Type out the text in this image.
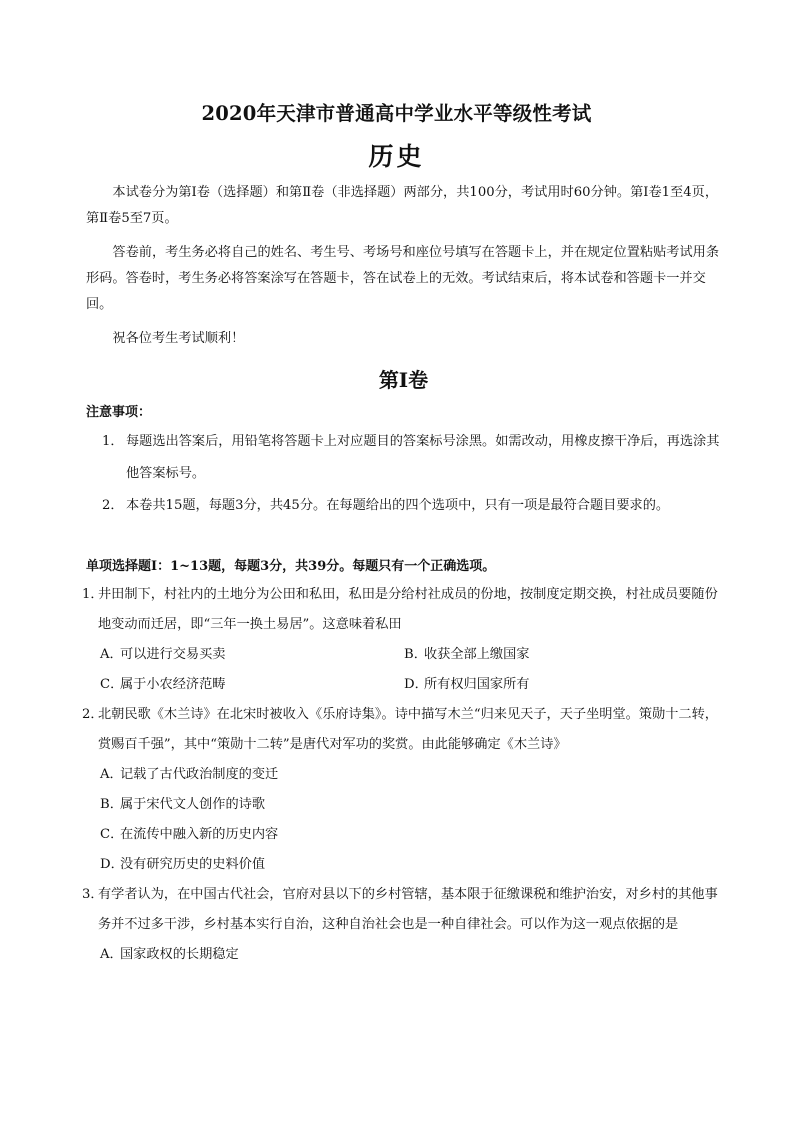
2020年天津市普通高中学业水平等级性考试
历史

本试卷分为第Ⅰ卷（选择题）和第Ⅱ卷（非选择题）两部分，共100分，考试用时60分钟。第Ⅰ卷1至4页，第Ⅱ卷5至7页。

答卷前，考生务必将自己的姓名、考生号、考场号和座位号填写在答题卡上，并在规定位置粘贴考试用条形码。答卷时，考生务必将答案涂写在答题卡，答在试卷上的无效。考试结束后，将本试卷和答题卡一并交回。

祝各位考生考试顺利！

第Ⅰ卷
注意事项：
1． 每题选出答案后，用铅笔将答题卡上对应题目的答案标号涂黑。如需改动，用橡皮擦干净后，再选涂其他答案标号。
2． 本卷共15题，每题3分，共45分。在每题给出的四个选项中，只有一项是最符合题目要求的。
单项选择题Ⅰ：1~13题，每题3分，共39分。每题只有一个正确选项。
1．
井田制下，村社内的土地分为公田和私田，私田是分给村社成员的份地，按制度定期交换，村社成员要随份地变动而迁居，即“三年一换土易居”。这意味着私田
A．可以进行交易买卖	B．收获全部上缴国家
C．属于小农经济范畴	D．所有权归国家所有
2．
北朝民歌《木兰诗》在北宋时被收入《乐府诗集》。诗中描写木兰“归来见天子，天子坐明堂。策勋十二转，赏赐百千强”，其中“策勋十二转”是唐代对军功的奖赏。由此能够确定《木兰诗》
A．记载了古代政治制度的变迁
B．属于宋代文人创作的诗歌
C．在流传中融入新的历史内容
D．没有研究历史的史料价值
3．
有学者认为，在中国古代社会，官府对县以下的乡村管辖，基本限于征缴课税和维护治安，对乡村的其他事务并不过多干涉，乡村基本实行自治，这种自治社会也是一种自律社会。可以作为这一观点依据的是
A．国家政权的长期稳定
